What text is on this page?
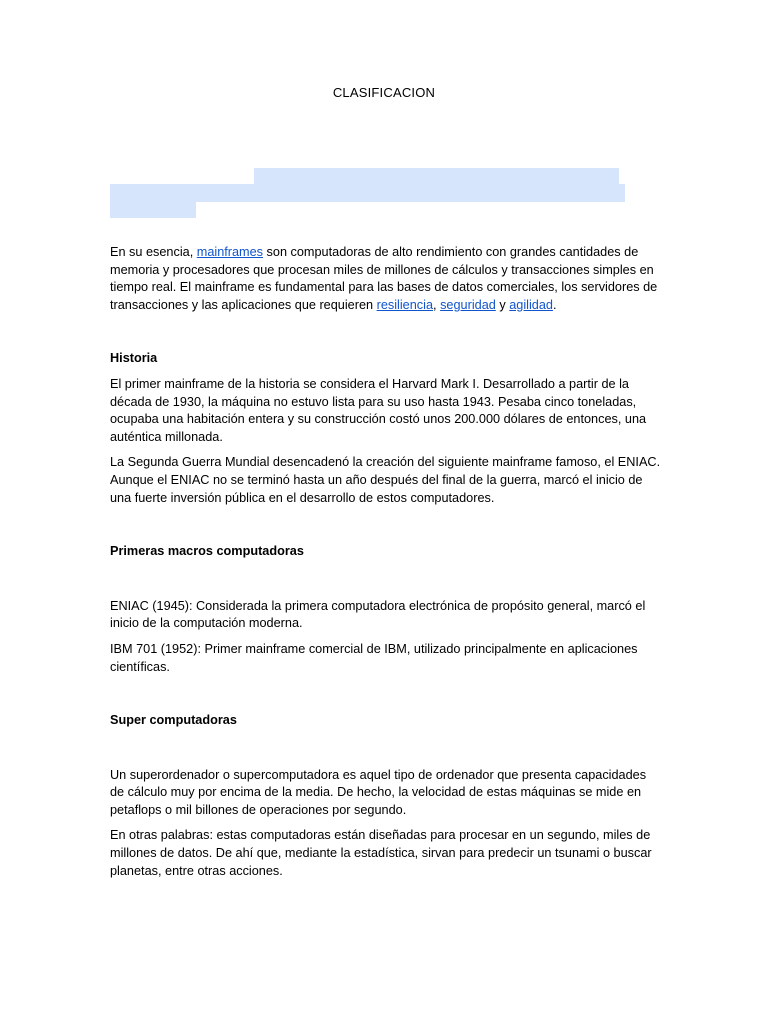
CLASIFICACION

En su esencia, mainframes son computadoras de alto rendimiento con grandes cantidades de memoria y procesadores que procesan miles de millones de cálculos y transacciones simples en tiempo real. El mainframe es fundamental para las bases de datos comerciales, los servidores de transacciones y las aplicaciones que requieren resiliencia, seguridad y agilidad.

Historia

El primer mainframe de la historia se considera el Harvard Mark I. Desarrollado a partir de la década de 1930, la máquina no estuvo lista para su uso hasta 1943. Pesaba cinco toneladas, ocupaba una habitación entera y su construcción costó unos 200.000 dólares de entonces, una auténtica millonada.

La Segunda Guerra Mundial desencadenó la creación del siguiente mainframe famoso, el ENIAC. Aunque el ENIAC no se terminó hasta un año después del final de la guerra, marcó el inicio de una fuerte inversión pública en el desarrollo de estos computadores.

Primeras macros computadoras

ENIAC (1945): Considerada la primera computadora electrónica de propósito general, marcó el inicio de la computación moderna.

IBM 701 (1952): Primer mainframe comercial de IBM, utilizado principalmente en aplicaciones científicas.

Super computadoras

Un superordenador o supercomputadora es aquel tipo de ordenador que presenta capacidades de cálculo muy por encima de la media. De hecho, la velocidad de estas máquinas se mide en petaflops o mil billones de operaciones por segundo.

En otras palabras: estas computadoras están diseñadas para procesar en un segundo, miles de millones de datos. De ahí que, mediante la estadística, sirvan para predecir un tsunami o buscar planetas, entre otras acciones.
